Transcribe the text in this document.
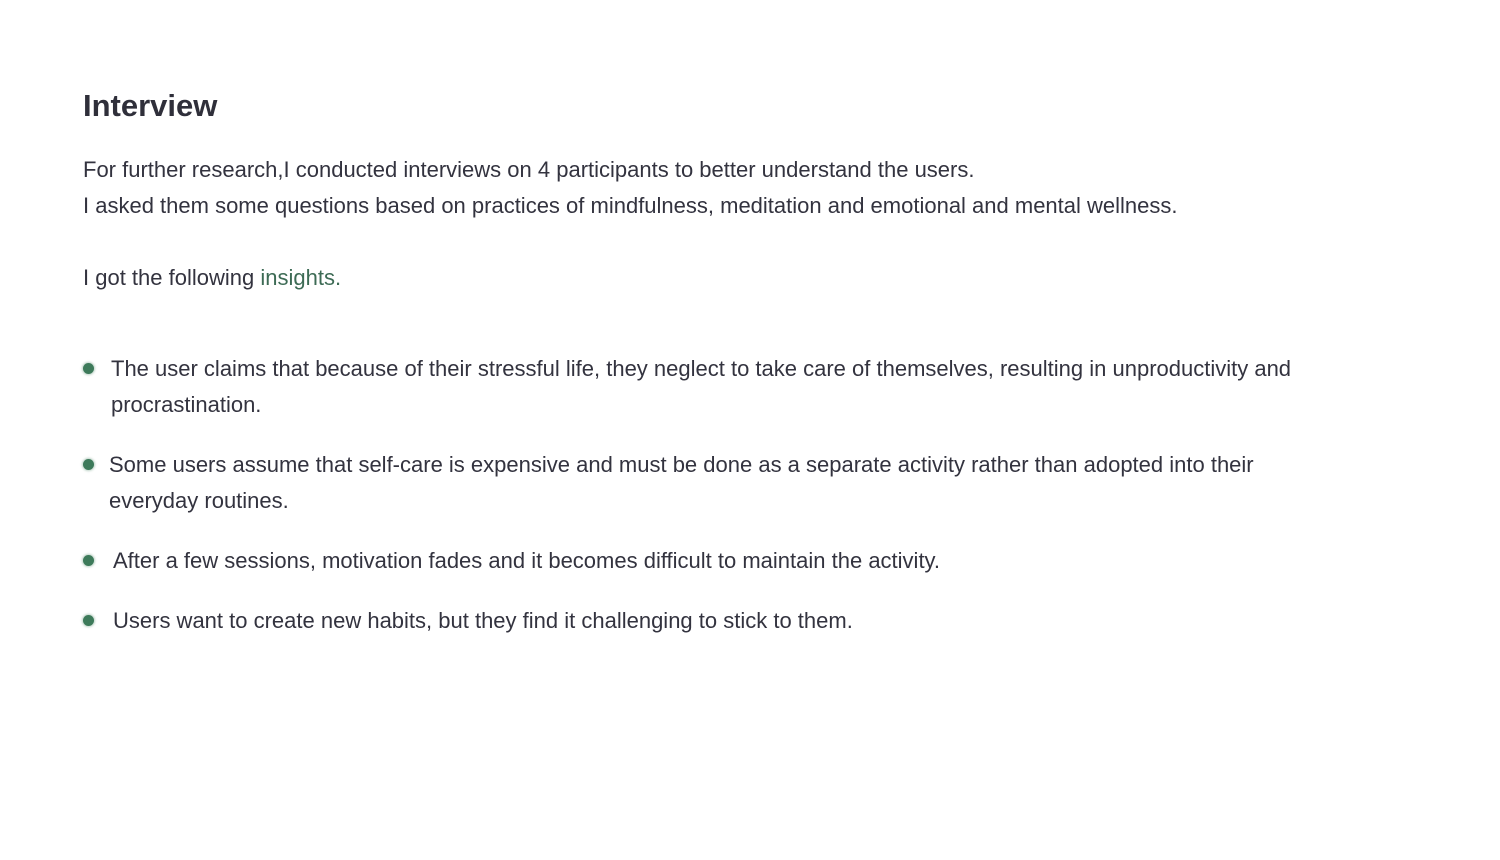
Interview

For further research,I conducted interviews on 4 participants to better understand the users.
I asked them some questions based on practices of mindfulness, meditation and emotional and mental wellness.

I got the following insights.

The user claims that because of their stressful life, they neglect to take care of themselves, resulting in unproductivity and procrastination.
Some users assume that self-care is expensive and must be done as a separate activity rather than adopted into their everyday routines.
After a few sessions, motivation fades and it becomes difficult to maintain the activity.
Users want to create new habits, but they find it challenging to stick to them.
